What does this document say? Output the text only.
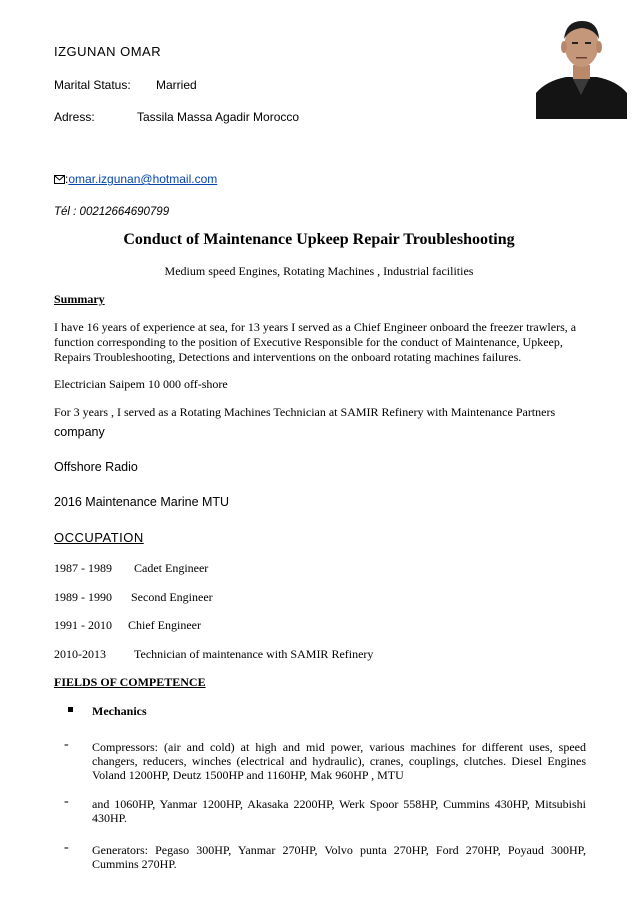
IZGUNAN OMAR
Marital Status: Married
Adress:	Tassila Massa Agadir Morocco
:omar.izgunan@hotmail.com
Tél : 00212664690799
Conduct of Maintenance Upkeep Repair Troubleshooting
Medium speed Engines, Rotating Machines , Industrial facilities
Summary
I have 16 years of experience at sea, for 13 years I served as a Chief Engineer onboard the freezer trawlers, a function corresponding to the position of Executive Responsible for the conduct of Maintenance, Upkeep, Repairs Troubleshooting, Detections and interventions on the onboard rotating machines failures.
Electrician Saipem 10 000 off-shore
For 3 years , I served as a Rotating Machines Technician at SAMIR Refinery with Maintenance Partners
company
Offshore Radio
2016 Maintenance Marine MTU
OCCUPATION
1987 - 1989 Cadet Engineer
1989 - 1990 Second Engineer
1991 - 2010 Chief Engineer
2010-2013 Technician of maintenance with SAMIR Refinery
FIELDS OF COMPETENCE
Mechanics
- Compressors: (air and cold) at high and mid power, various machines for different uses, speed changers, reducers, winches (electrical and hydraulic), cranes, couplings, clutches. Diesel Engines Voland 1200HP, Deutz 1500HP and 1160HP, Mak 960HP , MTU
- and 1060HP, Yanmar 1200HP, Akasaka 2200HP, Werk Spoor 558HP, Cummins 430HP, Mitsubishi 430HP.
- Generators: Pegaso 300HP, Yanmar 270HP, Volvo punta 270HP, Ford 270HP, Poyaud 300HP, Cummins 270HP.
